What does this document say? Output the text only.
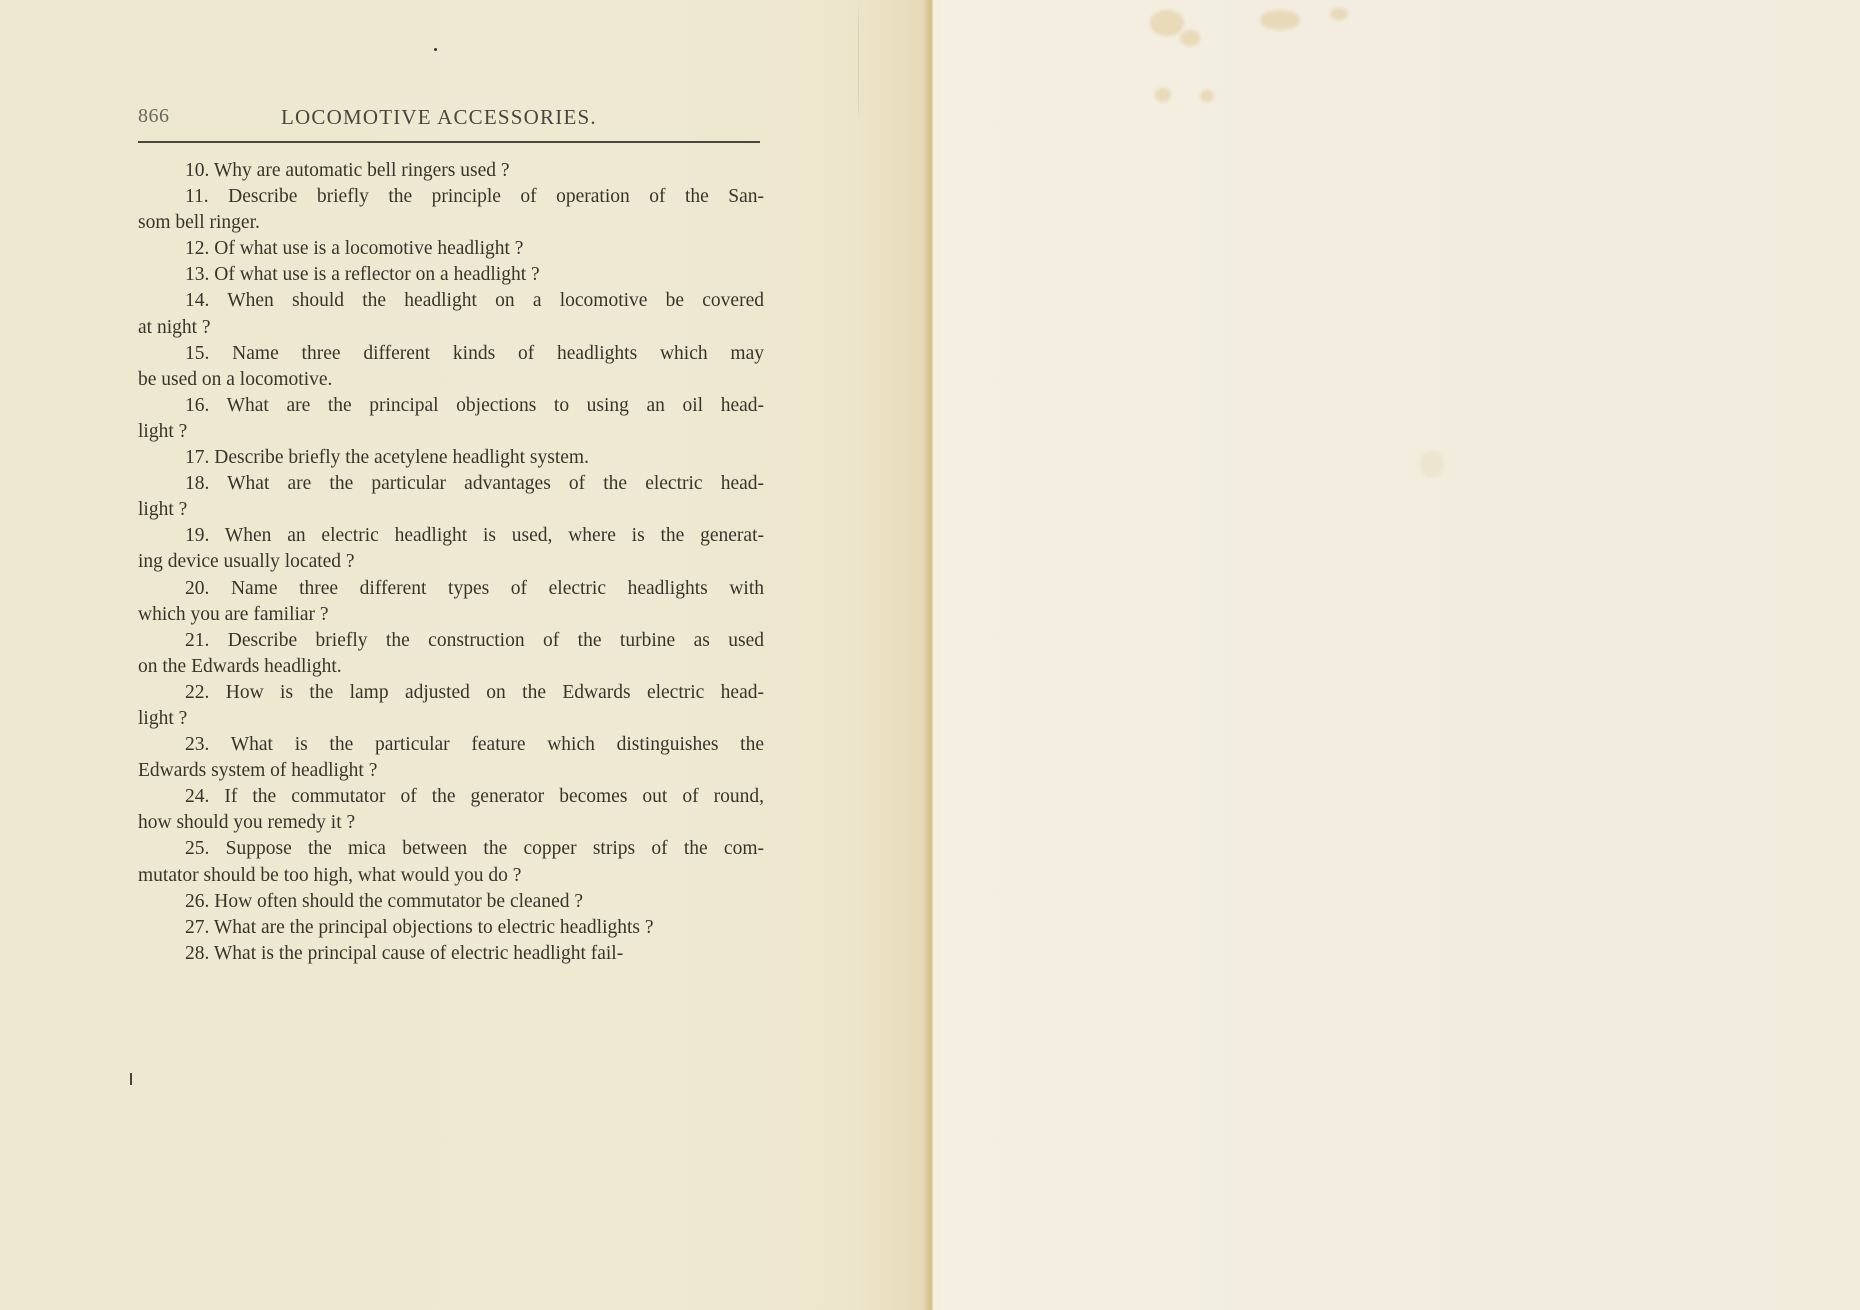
866	LOCOMOTIVE ACCESSORIES.

10. Why are automatic bell ringers used ?

11. Describe briefly the principle of operation of the San-

som bell ringer.

12. Of what use is a locomotive headlight ?

13. Of what use is a reflector on a headlight ?

14. When should the headlight on a locomotive be covered

at night ?

15. Name three different kinds of headlights which may

be used on a locomotive.

16. What are the principal objections to using an oil head-

light ?

17. Describe briefly the acetylene headlight system.

18. What are the particular advantages of the electric head-

light ?

19. When an electric headlight is used, where is the generat-

ing device usually located ?

20. Name three different types of electric headlights with

which you are familiar ?

21. Describe briefly the construction of the turbine as used

on the Edwards headlight.

22. How is the lamp adjusted on the Edwards electric head-

light ?

23. What is the particular feature which distinguishes the

Edwards system of headlight ?

24. If the commutator of the generator becomes out of round,

how should you remedy it ?

25. Suppose the mica between the copper strips of the com-

mutator should be too high, what would you do ?

26. How often should the commutator be cleaned ?

27. What are the principal objections to electric headlights ?

28. What is the principal cause of electric headlight fail-
